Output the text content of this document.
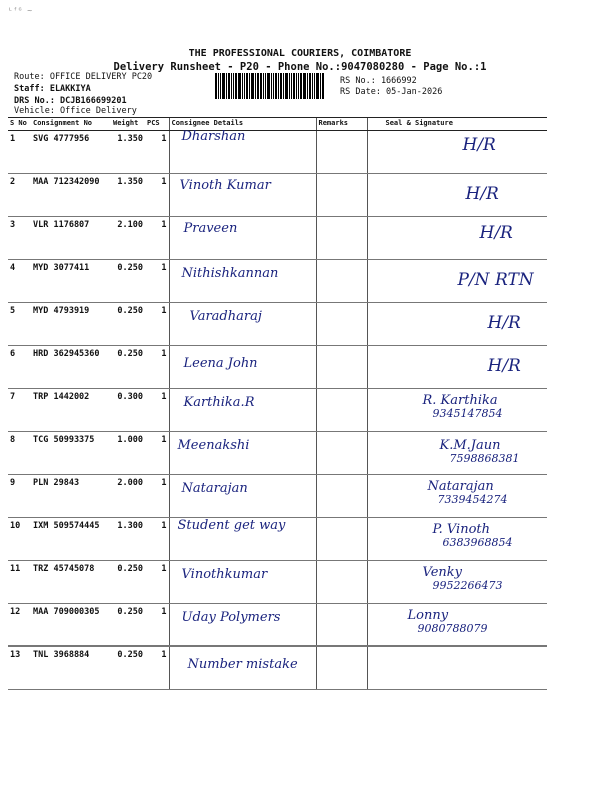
ᴸᶠᴳ ~
THE PROFESSIONAL COURIERS, COIMBATORE
Delivery Runsheet - P20 - Phone No.:9047080280 - Page No.:1
Route: OFFICE DELIVERY PC20
Staff: ELAKKIYA
DRS No.: DCJB166699201
Vehicle: Office Delivery
RS No.: 1666992
RS Date: 05-Jan-2026
S No	Consignment No	Weight	PCS	Consignee Details	Remarks	Seal & Signature
1	SVG 4777956	1.350	1	Dharshan		H/R

2	MAA 712342090	1.350	1	Vinoth Kumar		H/R

3	VLR 1176807	2.100	1	Praveen		H/R

4	MYD 3077411	0.250	1	Nithishkannan		P/N RTN

5	MYD 4793919	0.250	1	Varadharaj		H/R

6	HRD 362945360	0.250	1	Leena John		H/R

7	TRP 1442002	0.300	1	Karthika.R		R. Karthika
9345147854

8	TCG 50993375	1.000	1	Meenakshi		K.M.Jaun
7598868381

9	PLN 29843	2.000	1	Natarajan		Natarajan
7339454274

10	IXM 509574445	1.300	1	Student get way		P. Vinoth
6383968854

11	TRZ 45745078	0.250	1	Vinothkumar		Venky
9952266473

12	MAA 709000305	0.250	1	Uday Polymers		Lonny
9080788079

13	TNL 3968884	0.250	1	Number mistake		
